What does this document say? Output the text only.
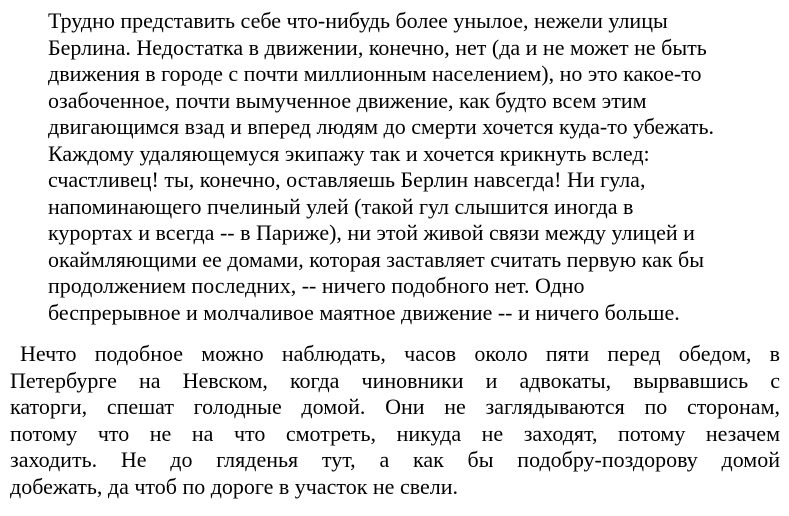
Трудно представить себе что-нибудь более унылое, нежели улицы
Берлина. Недостатка в движении, конечно, нет (да и не может не быть
движения в городе с почти миллионным населением), но это какое-то
озабоченное, почти вымученное движение, как будто всем этим
двигающимся взад и вперед людям до смерти хочется куда-то убежать.
Каждому удаляющемуся экипажу так и хочется крикнуть вслед:
счастливец! ты, конечно, оставляешь Берлин навсегда! Ни гула,
напоминающего пчелиный улей (такой гул слышится иногда в
курортах и всегда -- в Париже), ни этой живой связи между улицей и
окаймляющими ее домами, которая заставляет считать первую как бы
продолжением последних, -- ничего подобного нет. Одно
беспрерывное и молчаливое маятное движение -- и ничего больше.
Нечто подобное можно наблюдать, часов около пяти перед обедом, в
Петербурге на Невском, когда чиновники и адвокаты, вырвавшись с
каторги, спешат голодные домой. Они не заглядываются по сторонам,
потому что не на что смотреть, никуда не заходят, потому незачем
заходить. Не до гляденья тут, а как бы подобру-поздорову домой
добежать, да чтоб по дороге в участок не свели.
